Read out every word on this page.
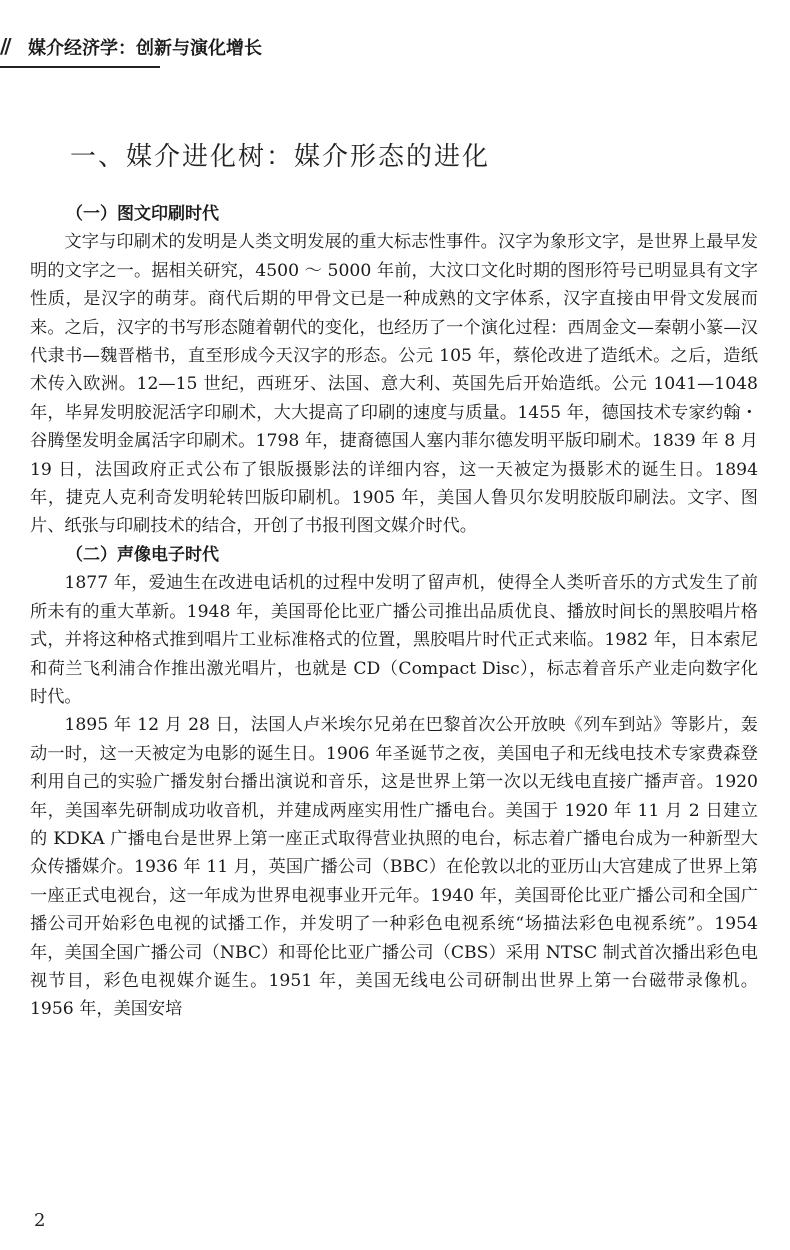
// 媒介经济学：创新与演化增长
一、媒介进化树：媒介形态的进化

（一）图文印刷时代

文字与印刷术的发明是人类文明发展的重大标志性事件。汉字为象形文字，是世界上最早发明的文字之一。据相关研究，4500 ～ 5000 年前，大汶口文化时期的图形符号已明显具有文字性质，是汉字的萌芽。商代后期的甲骨文已是一种成熟的文字体系，汉字直接由甲骨文发展而来。之后，汉字的书写形态随着朝代的变化，也经历了一个演化过程：西周金文—秦朝小篆—汉代隶书—魏晋楷书，直至形成今天汉字的形态。公元 105 年，蔡伦改进了造纸术。之后，造纸术传入欧洲。12—15 世纪，西班牙、法国、意大利、英国先后开始造纸。公元 1041—1048 年，毕昇发明胶泥活字印刷术，大大提高了印刷的速度与质量。1455 年，德国技术专家约翰・谷腾堡发明金属活字印刷术。1798 年，捷裔德国人塞内菲尔德发明平版印刷术。1839 年 8 月 19 日，法国政府正式公布了银版摄影法的详细内容，这一天被定为摄影术的诞生日。1894 年，捷克人克利奇发明轮转凹版印刷机。1905 年，美国人鲁贝尔发明胶版印刷法。文字、图片、纸张与印刷技术的结合，开创了书报刊图文媒介时代。

（二）声像电子时代

1877 年，爱迪生在改进电话机的过程中发明了留声机，使得全人类听音乐的方式发生了前所未有的重大革新。1948 年，美国哥伦比亚广播公司推出品质优良、播放时间长的黑胶唱片格式，并将这种格式推到唱片工业标准格式的位置，黑胶唱片时代正式来临。1982 年，日本索尼和荷兰飞利浦合作推出激光唱片，也就是 CD（Compact Disc），标志着音乐产业走向数字化时代。

1895 年 12 月 28 日，法国人卢米埃尔兄弟在巴黎首次公开放映《列车到站》等影片，轰动一时，这一天被定为电影的诞生日。1906 年圣诞节之夜，美国电子和无线电技术专家费森登利用自己的实验广播发射台播出演说和音乐，这是世界上第一次以无线电直接广播声音。1920 年，美国率先研制成功收音机，并建成两座实用性广播电台。美国于 1920 年 11 月 2 日建立的 KDKA 广播电台是世界上第一座正式取得营业执照的电台，标志着广播电台成为一种新型大众传播媒介。1936 年 11 月，英国广播公司（BBC）在伦敦以北的亚历山大宫建成了世界上第一座正式电视台，这一年成为世界电视事业开元年。1940 年，美国哥伦比亚广播公司和全国广播公司开始彩色电视的试播工作，并发明了一种彩色电视系统“场描法彩色电视系统”。1954 年，美国全国广播公司（NBC）和哥伦比亚广播公司（CBS）采用 NTSC 制式首次播出彩色电视节目，彩色电视媒介诞生。1951 年，美国无线电公司研制出世界上第一台磁带录像机。1956 年，美国安培

2
